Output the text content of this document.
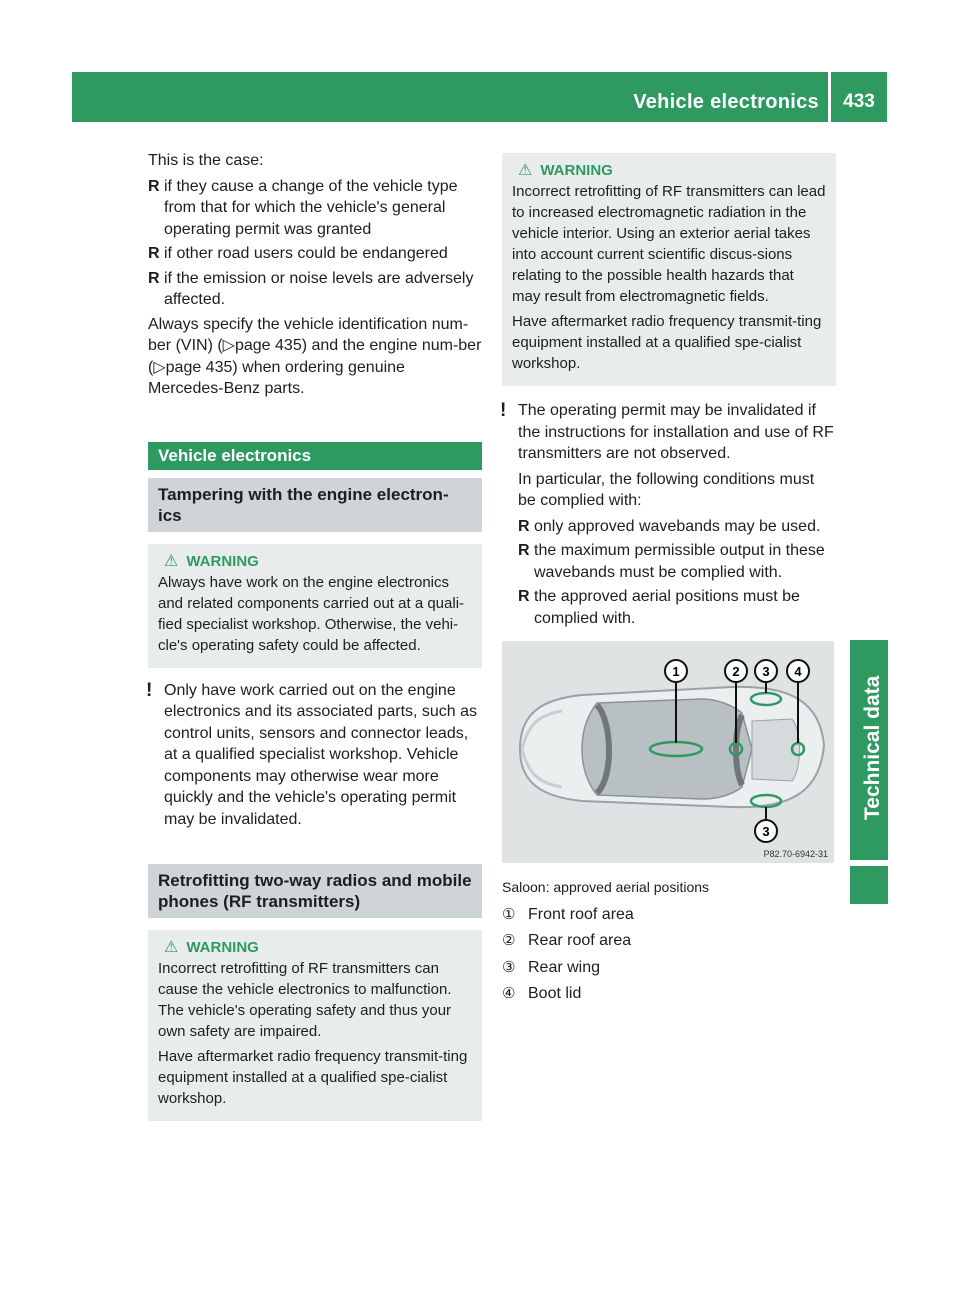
Vehicle electronics	433
Technical data

This is the case:

R if they cause a change of the vehicle type from that for which the vehicle's general operating permit was granted
R if other road users could be endangered
R if the emission or noise levels are adversely affected.

Always specify the vehicle identification num-ber (VIN) (▷page 435) and the engine num-ber (▷page 435) when ordering genuine Mercedes-Benz parts.

Vehicle electronics
Tampering with the engine electron-ics
⚠ WARNING

Always have work on the engine electronics and related components carried out at a quali-fied specialist workshop. Otherwise, the vehi-cle's operating safety could be affected.

! Only have work carried out on the engine electronics and its associated parts, such as control units, sensors and connector leads, at a qualified specialist workshop. Vehicle components may otherwise wear more quickly and the vehicle's operating permit may be invalidated.

Retrofitting two-way radios and mobile phones (RF transmitters)
⚠ WARNING

Incorrect retrofitting of RF transmitters can cause the vehicle electronics to malfunction. The vehicle's operating safety and thus your own safety are impaired.

Have aftermarket radio frequency transmit-ting equipment installed at a qualified spe-cialist workshop.

⚠ WARNING

Incorrect retrofitting of RF transmitters can lead to increased electromagnetic radiation in the vehicle interior. Using an exterior aerial takes into account current scientific discus-sions relating to the possible health hazards that may result from electromagnetic fields.

Have aftermarket radio frequency transmit-ting equipment installed at a qualified spe-cialist workshop.

! The operating permit may be invalidated if the instructions for installation and use of RF transmitters are not observed.

In particular, the following conditions must be complied with:

R only approved wavebands may be used.
R the maximum permissible output in these wavebands must be complied with.
R the approved aerial positions must be complied with.
1	2 3 4
3
P82.70-6942-31
Saloon: approved aerial positions
① Front roof area
② Rear roof area
③ Rear wing
④ Boot lid
